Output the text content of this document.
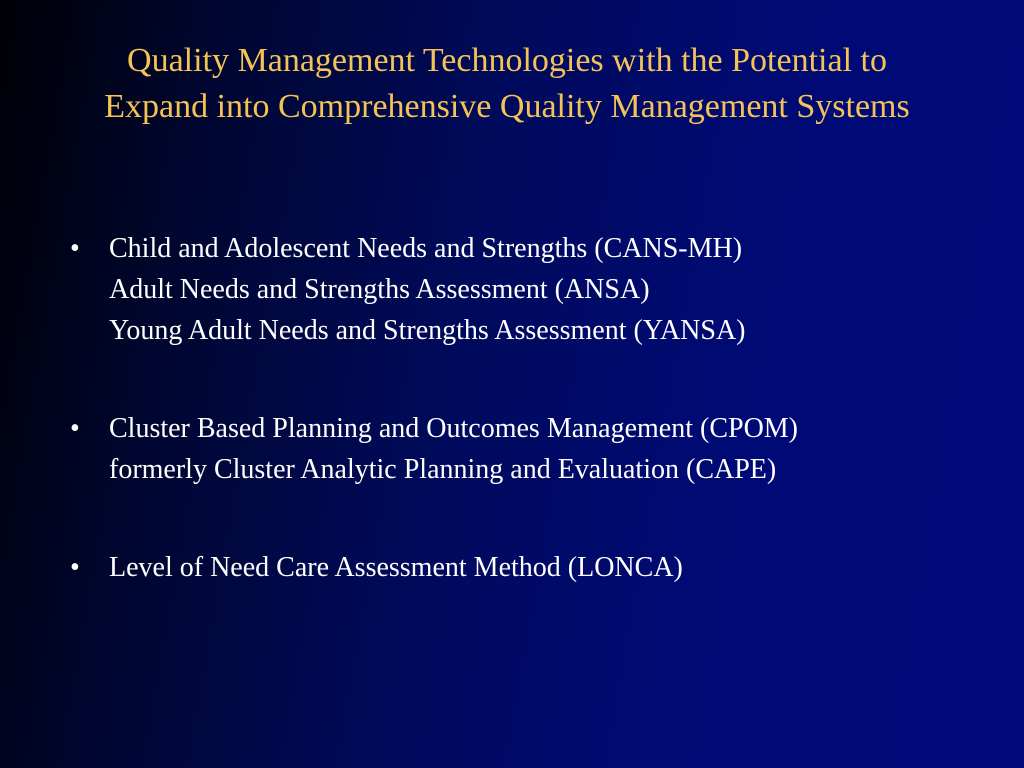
Quality Management Technologies with the Potential to
Expand into Comprehensive Quality Management Systems
•	Child and Adolescent Needs and Strengths (CANS-MH)
Adult Needs and Strengths Assessment (ANSA)
Young Adult Needs and Strengths Assessment (YANSA)
•	Cluster Based Planning and Outcomes Management (CPOM)
formerly Cluster Analytic Planning and Evaluation (CAPE)
•	Level of Need Care Assessment Method (LONCA)
